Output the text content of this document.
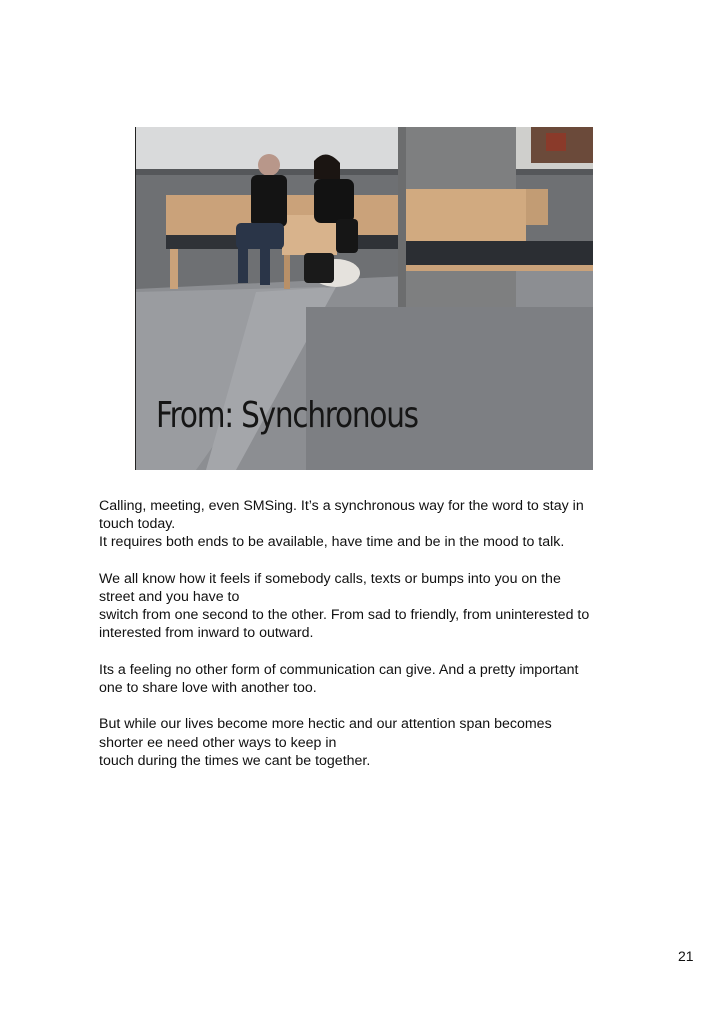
From: Synchronous

Calling, meeting, even SMSing. It’s a synchronous way for the word to stay in
touch today.
It requires both ends to be available, have time and be in the mood to talk.

We all know how it feels if somebody calls, texts or bumps into you on the
street and you have to
switch from one second to the other. From sad to friendly, from uninterested to
interested from inward to outward.

Its a feeling no other form of communication can give. And a pretty important
one to share love with another too.

But while our lives become more hectic and our attention span becomes
shorter ee need other ways to keep in
touch during the times we cant be together.

21
